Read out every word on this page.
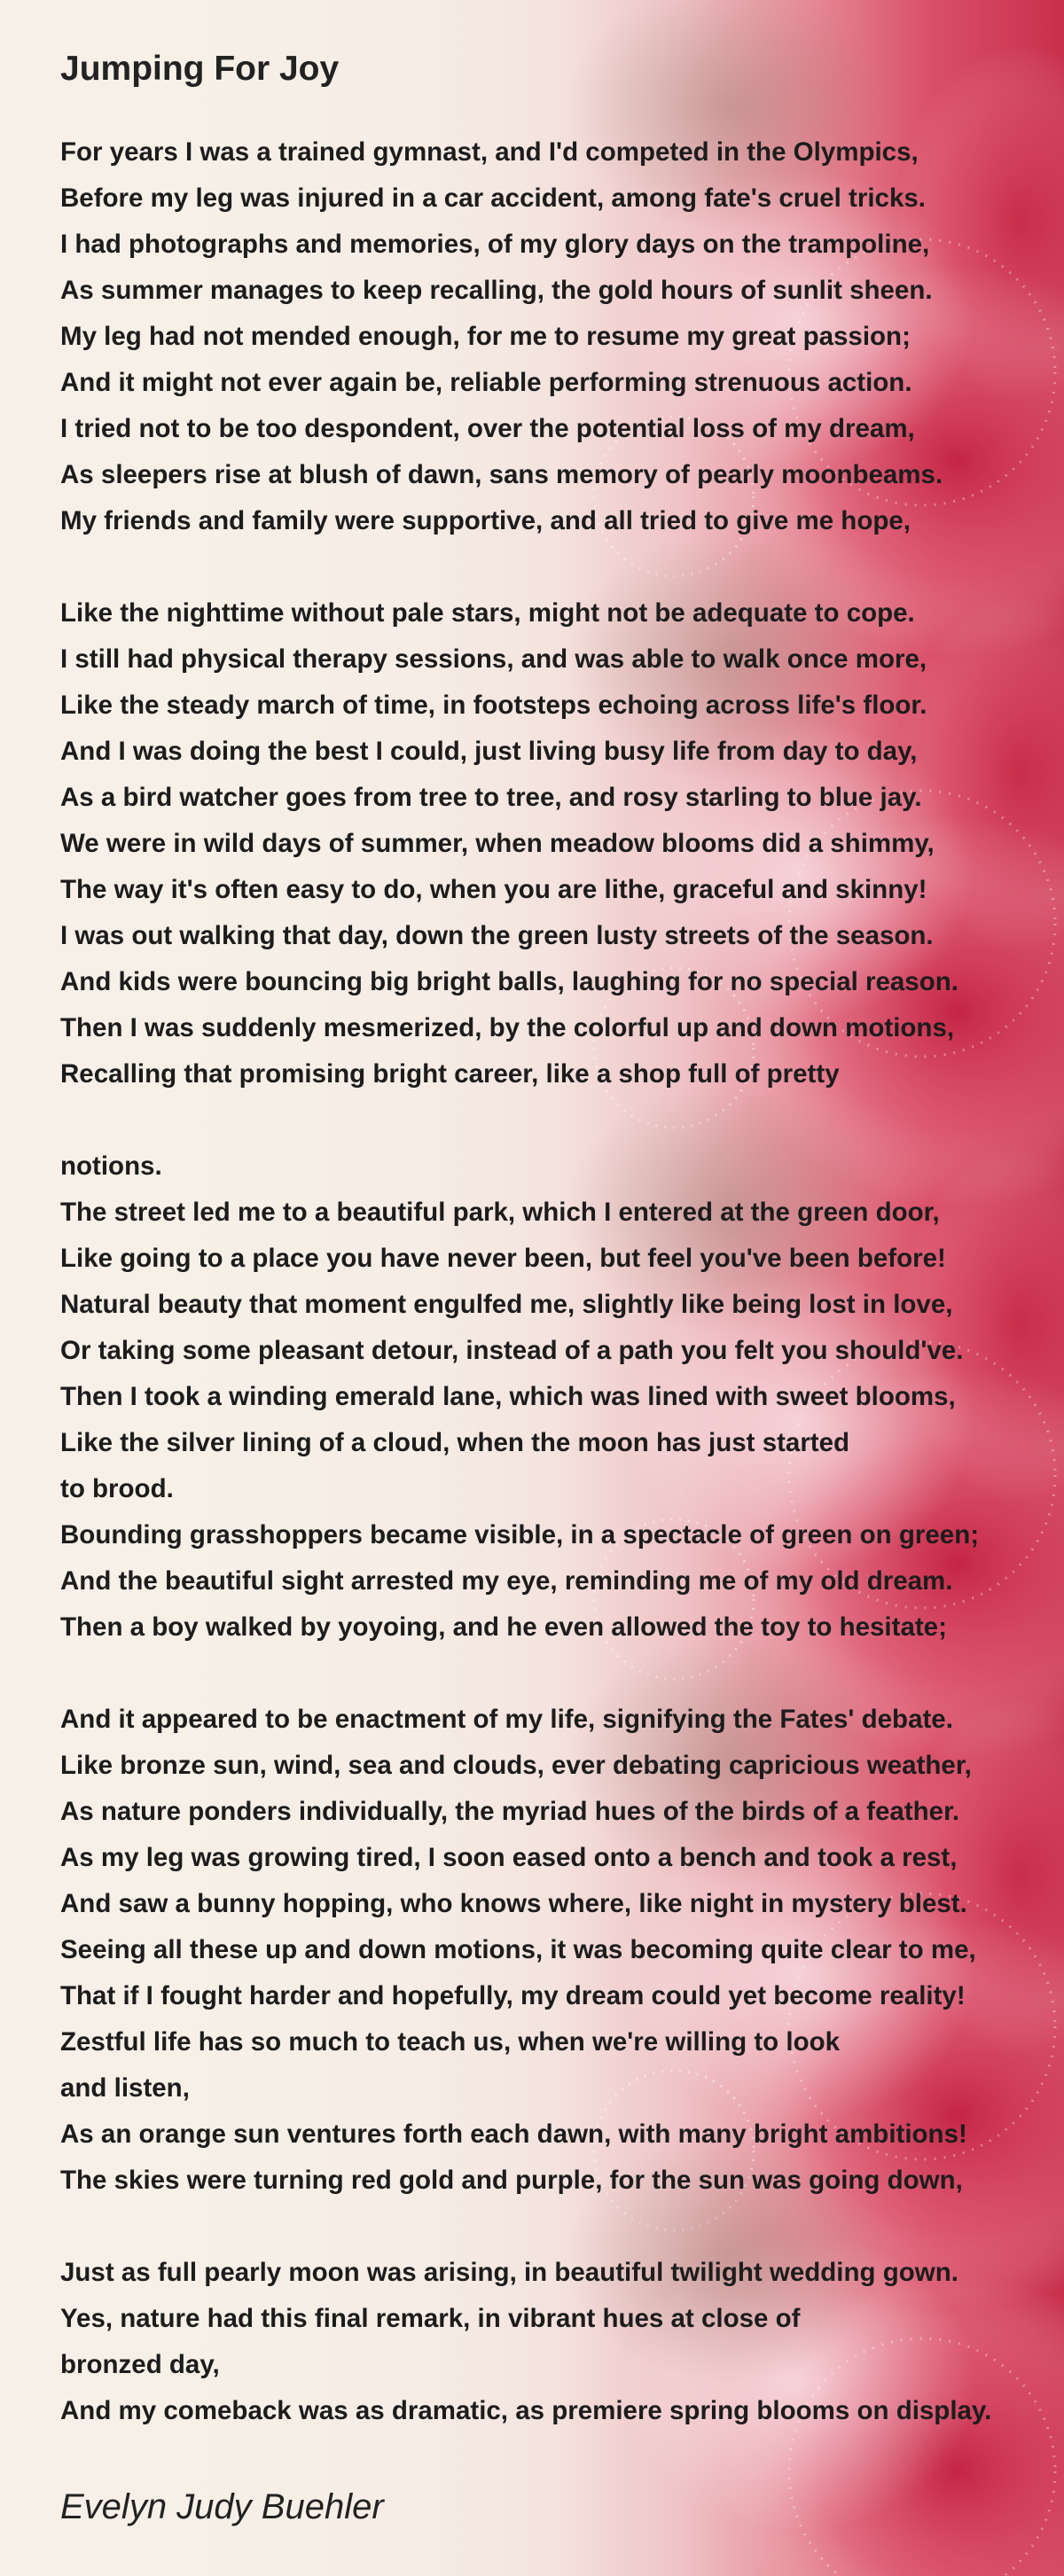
Jumping For Joy
For years I was a trained gymnast, and I'd competed in the Olympics,
Before my leg was injured in a car accident, among fate's cruel tricks.
I had photographs and memories, of my glory days on the trampoline,
As summer manages to keep recalling, the gold hours of sunlit sheen.
My leg had not mended enough, for me to resume my great passion;
And it might not ever again be, reliable performing strenuous action.
I tried not to be too despondent, over the potential loss of my dream,
As sleepers rise at blush of dawn, sans memory of pearly moonbeams.
My friends and family were supportive, and all tried to give me hope,
Like the nighttime without pale stars, might not be adequate to cope.
I still had physical therapy sessions, and was able to walk once more,
Like the steady march of time, in footsteps echoing across life's floor.
And I was doing the best I could, just living busy life from day to day,
As a bird watcher goes from tree to tree, and rosy starling to blue jay.
We were in wild days of summer, when meadow blooms did a shimmy,
The way it's often easy to do, when you are lithe, graceful and skinny!
I was out walking that day, down the green lusty streets of the season.
And kids were bouncing big bright balls, laughing for no special reason.
Then I was suddenly mesmerized, by the colorful up and down motions,
Recalling that promising bright career, like a shop full of pretty
notions.
The street led me to a beautiful park, which I entered at the green door,
Like going to a place you have never been, but feel you've been before!
Natural beauty that moment engulfed me, slightly like being lost in love,
Or taking some pleasant detour, instead of a path you felt you should've.
Then I took a winding emerald lane, which was lined with sweet blooms,
Like the silver lining of a cloud, when the moon has just started
to brood.
Bounding grasshoppers became visible, in a spectacle of green on green;
And the beautiful sight arrested my eye, reminding me of my old dream.
Then a boy walked by yoyoing, and he even allowed the toy to hesitate;
And it appeared to be enactment of my life, signifying the Fates' debate.
Like bronze sun, wind, sea and clouds, ever debating capricious weather,
As nature ponders individually, the myriad hues of the birds of a feather.
As my leg was growing tired, I soon eased onto a bench and took a rest,
And saw a bunny hopping, who knows where, like night in mystery blest.
Seeing all these up and down motions, it was becoming quite clear to me,
That if I fought harder and hopefully, my dream could yet become reality!
Zestful life has so much to teach us, when we're willing to look
and listen,
As an orange sun ventures forth each dawn, with many bright ambitions!
The skies were turning red gold and purple, for the sun was going down,
Just as full pearly moon was arising, in beautiful twilight wedding gown.
Yes, nature had this final remark, in vibrant hues at close of
bronzed day,
And my comeback was as dramatic, as premiere spring blooms on display.
Evelyn Judy Buehler
